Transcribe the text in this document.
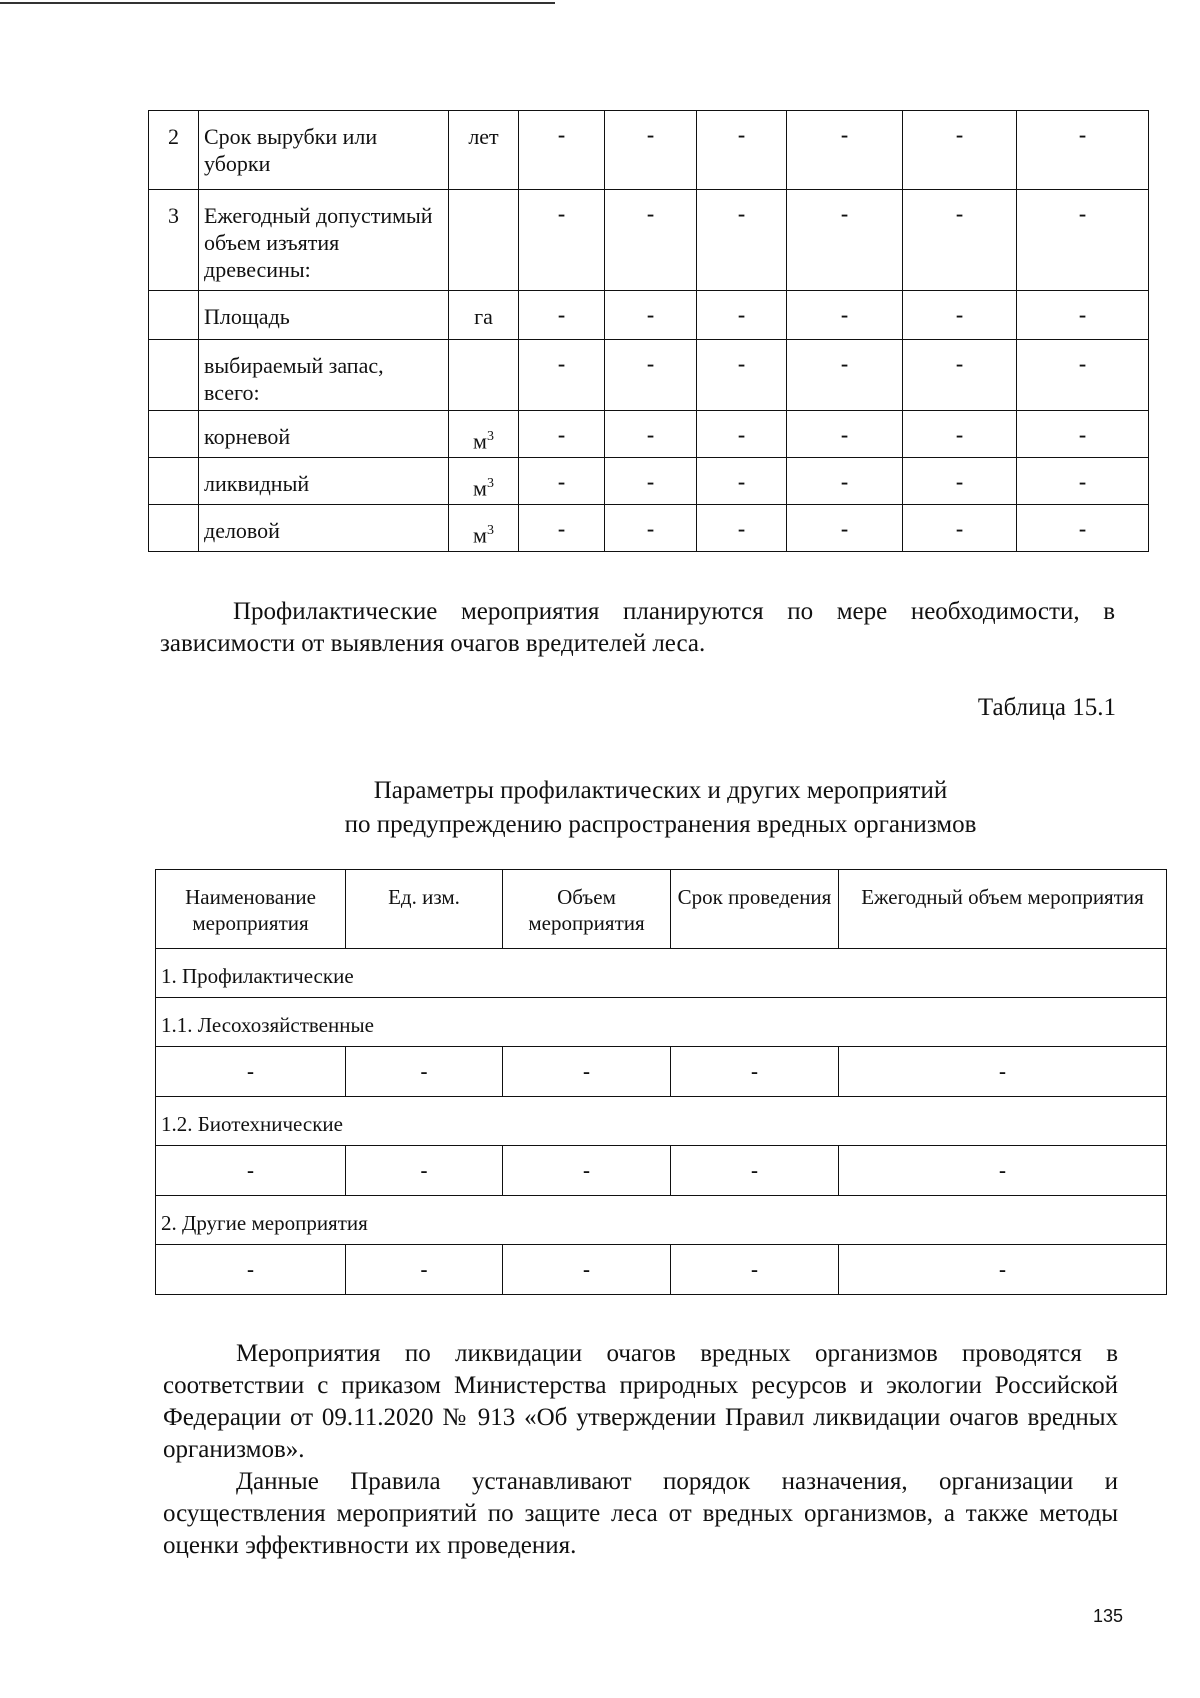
2	Срок вырубки или уборки	лет	-	-	-	-	-	-
3	Ежегодный допустимый объем изъятия древесины:		-	-	-	-	-	-
	Площадь	га	-	-	-	-	-	-
	выбираемый запас, всего:		-	-	-	-	-	-
	корневой	$м^3$	-	-	-	-	-	-
	ликвидный	$м^3$	-	-	-	-	-	-
	деловой	$м^3$	-	-	-	-	-	-

Профилактические мероприятия планируются по мере необходимости, в зависимости от выявления очагов вредителей леса.

Таблица 15.1
Параметры профилактических и других мероприятий
по предупреждению распространения вредных организмов
Наименование мероприятия	Ед. изм.	Объем мероприятия	Срок проведения	Ежегодный объем мероприятия
1. Профилактические				
1.1. Лесохозяйственные				
-	-	-	-	-
1.2. Биотехнические				
-	-	-	-	-
2. Другие мероприятия				
-	-	-	-	-

Мероприятия по ликвидации очагов вредных организмов проводятся в соответствии с приказом Министерства природных ресурсов и экологии Российской Федерации от 09.11.2020 № 913 «Об утверждении Правил ликвидации очагов вредных организмов».

Данные Правила устанавливают порядок назначения, организации и осуществления мероприятий по защите леса от вредных организмов, а также методы оценки эффективности их проведения.

135
